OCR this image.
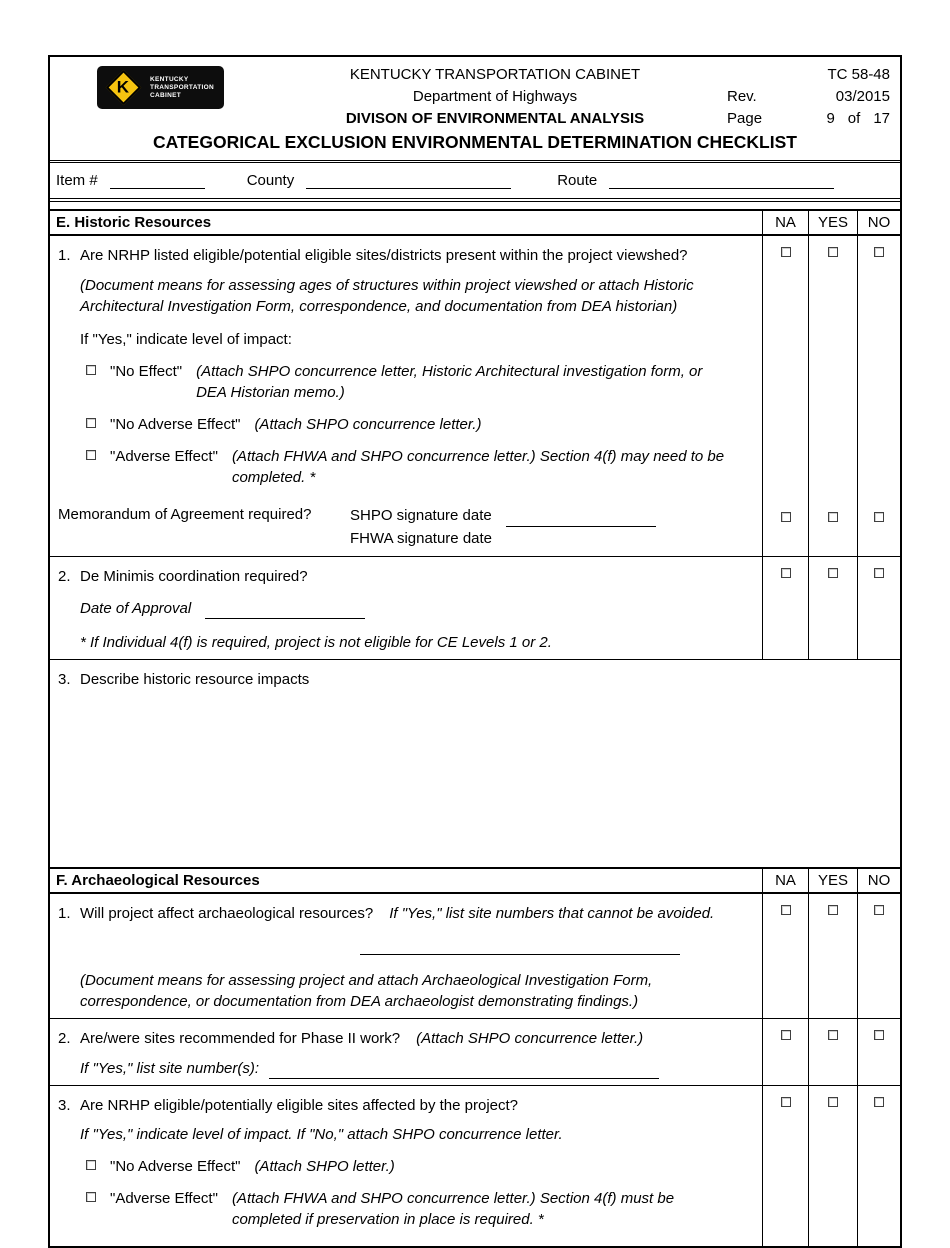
K	KENTUCKY
TRANSPORTATION
CABINET
KENTUCKY TRANSPORTATION CABINET
Department of Highways
DIVISON OF ENVIRONMENTAL ANALYSIS
TC 58-48
Rev.	03/2015
Page	9 of 17
CATEGORICAL EXCLUSION ENVIRONMENTAL DETERMINATION CHECKLIST
Item #	County	Route
E. Historic Resources	NA	YES	NO
1. Are NRHP listed eligible/potential eligible sites/districts present within the project viewshed?
(Document means for assessing ages of structures within project viewshed or attach Historic Architectural Investigation Form, correspondence, and documentation from DEA historian)
If "Yes," indicate level of impact:
"No Effect" (Attach SHPO concurrence letter, Historic Architectural investigation form, or DEA Historian memo.)
"No Adverse Effect" (Attach SHPO concurrence letter.)
"Adverse Effect" (Attach FHWA and SHPO concurrence letter.) Section 4(f) may need to be completed. *
Memorandum of Agreement required?	SHPO signature date
FHWA signature date
2. De Minimis coordination required?
Date of Approval
* If Individual 4(f) is required, project is not eligible for CE Levels 1 or 2.
3. Describe historic resource impacts
F. Archaeological Resources	NA	YES	NO
1. Will project affect archaeological resources? If "Yes," list site numbers that cannot be avoided.
(Document means for assessing project and attach Archaeological Investigation Form, correspondence, or documentation from DEA archaeologist demonstrating findings.)
2. Are/were sites recommended for Phase II work? (Attach SHPO concurrence letter.)
If "Yes," list site number(s):
3. Are NRHP eligible/potentially eligible sites affected by the project?
If "Yes," indicate level of impact. If "No," attach SHPO concurrence letter.
"No Adverse Effect" (Attach SHPO letter.)
"Adverse Effect" (Attach FHWA and SHPO concurrence letter.) Section 4(f) must be completed if preservation in place is required. *
